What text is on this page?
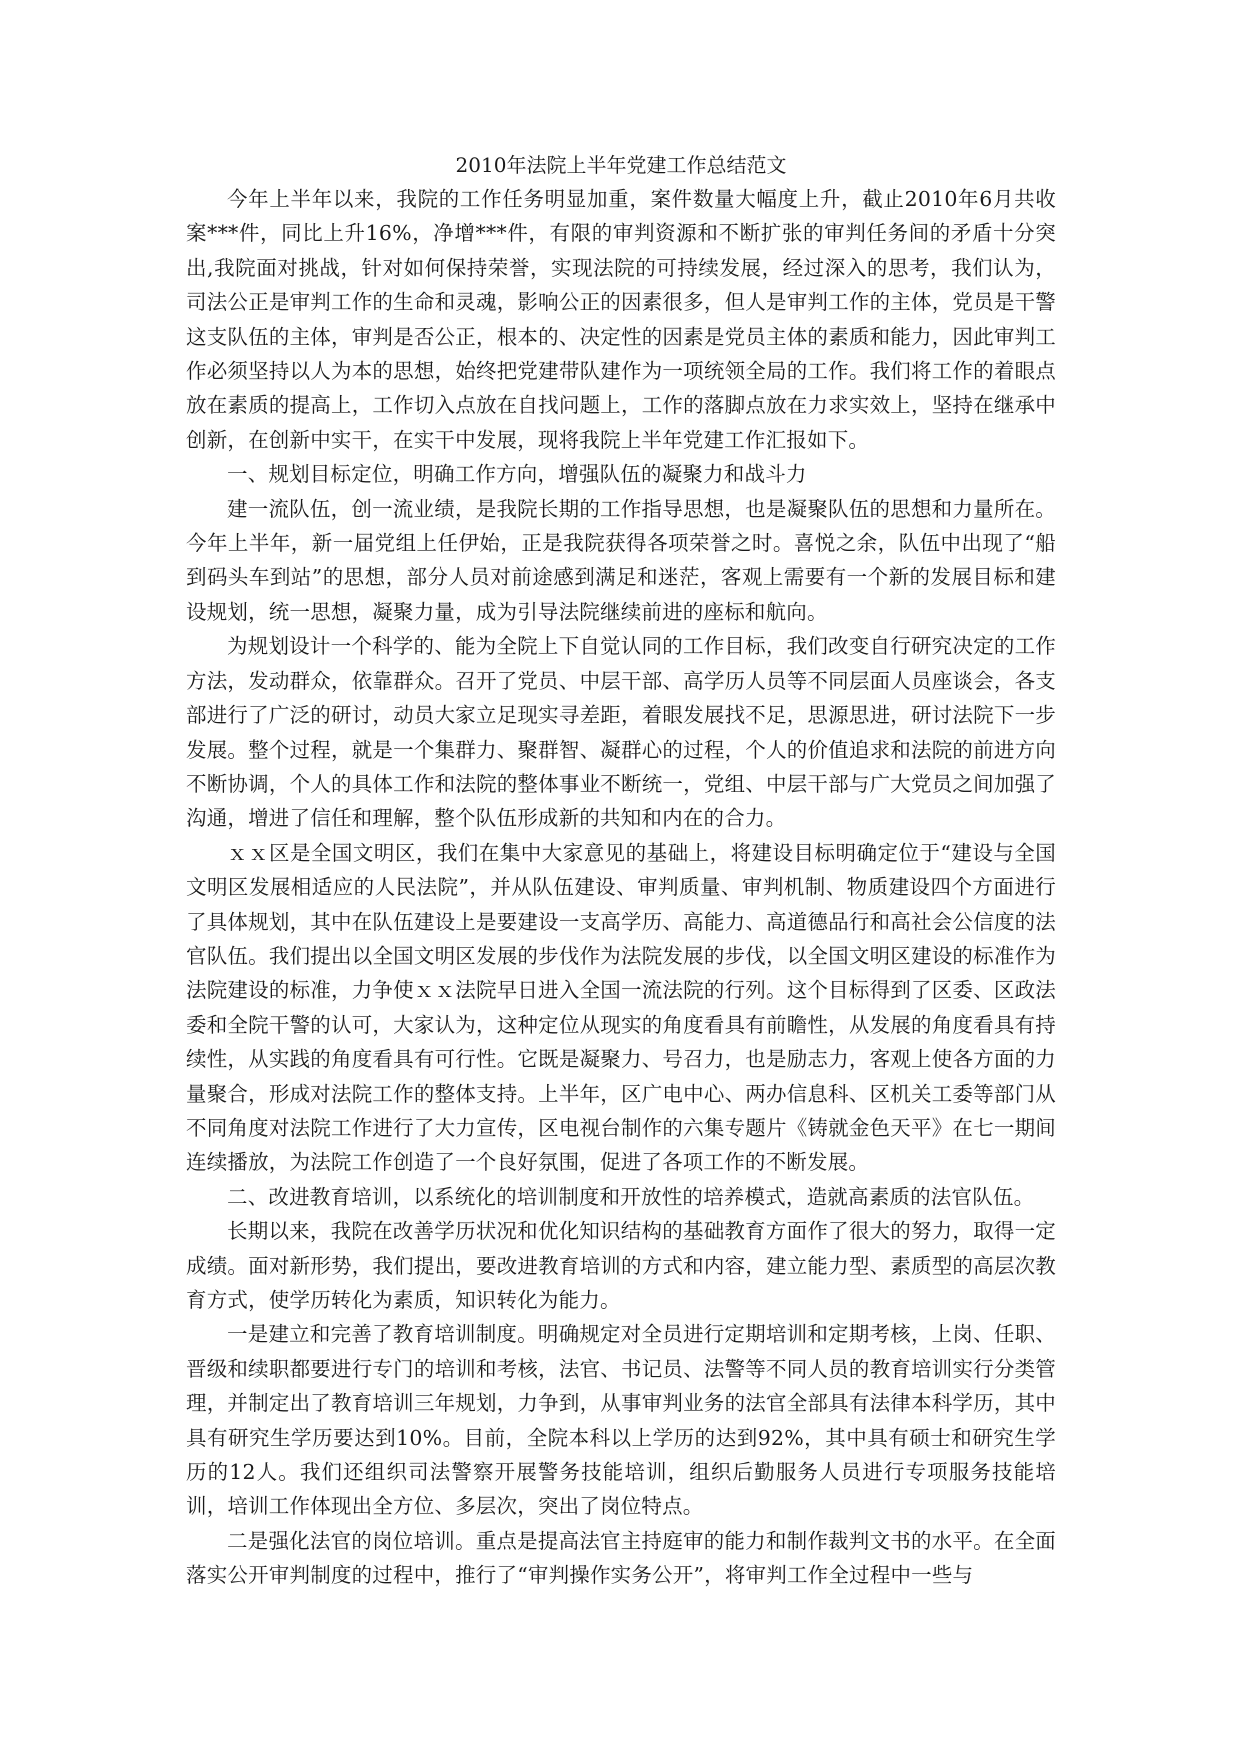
2010年法院上半年党建工作总结范文

今年上半年以来，我院的工作任务明显加重，案件数量大幅度上升，截止2010年6月共收案***件，同比上升16%，净增***件，有限的审判资源和不断扩张的审判任务间的矛盾十分突出,我院面对挑战，针对如何保持荣誉，实现法院的可持续发展，经过深入的思考，我们认为，司法公正是审判工作的生命和灵魂，影响公正的因素很多，但人是审判工作的主体，党员是干警这支队伍的主体，审判是否公正，根本的、决定性的因素是党员主体的素质和能力，因此审判工作必须坚持以人为本的思想，始终把党建带队建作为一项统领全局的工作。我们将工作的着眼点放在素质的提高上，工作切入点放在自找问题上，工作的落脚点放在力求实效上，坚持在继承中创新，在创新中实干，在实干中发展，现将我院上半年党建工作汇报如下。

一、规划目标定位，明确工作方向，增强队伍的凝聚力和战斗力

建一流队伍，创一流业绩，是我院长期的工作指导思想，也是凝聚队伍的思想和力量所在。今年上半年，新一届党组上任伊始，正是我院获得各项荣誉之时。喜悦之余，队伍中出现了“船到码头车到站”的思想，部分人员对前途感到满足和迷茫，客观上需要有一个新的发展目标和建设规划，统一思想，凝聚力量，成为引导法院继续前进的座标和航向。

为规划设计一个科学的、能为全院上下自觉认同的工作目标，我们改变自行研究决定的工作方法，发动群众，依靠群众。召开了党员、中层干部、高学历人员等不同层面人员座谈会，各支部进行了广泛的研讨，动员大家立足现实寻差距，着眼发展找不足，思源思进，研讨法院下一步发展。整个过程，就是一个集群力、聚群智、凝群心的过程，个人的价值追求和法院的前进方向不断协调，个人的具体工作和法院的整体事业不断统一，党组、中层干部与广大党员之间加强了沟通，增进了信任和理解，整个队伍形成新的共知和内在的合力。

ｘｘ区是全国文明区，我们在集中大家意见的基础上，将建设目标明确定位于“建设与全国文明区发展相适应的人民法院”，并从队伍建设、审判质量、审判机制、物质建设四个方面进行了具体规划，其中在队伍建设上是要建设一支高学历、高能力、高道德品行和高社会公信度的法官队伍。我们提出以全国文明区发展的步伐作为法院发展的步伐，以全国文明区建设的标准作为法院建设的标准，力争使ｘｘ法院早日进入全国一流法院的行列。这个目标得到了区委、区政法委和全院干警的认可，大家认为，这种定位从现实的角度看具有前瞻性，从发展的角度看具有持续性，从实践的角度看具有可行性。它既是凝聚力、号召力，也是励志力，客观上使各方面的力量聚合，形成对法院工作的整体支持。上半年，区广电中心、两办信息科、区机关工委等部门从不同角度对法院工作进行了大力宣传，区电视台制作的六集专题片《铸就金色天平》在七一期间连续播放，为法院工作创造了一个良好氛围，促进了各项工作的不断发展。

二、改进教育培训，以系统化的培训制度和开放性的培养模式，造就高素质的法官队伍。

长期以来，我院在改善学历状况和优化知识结构的基础教育方面作了很大的努力，取得一定成绩。面对新形势，我们提出，要改进教育培训的方式和内容，建立能力型、素质型的高层次教育方式，使学历转化为素质，知识转化为能力。

一是建立和完善了教育培训制度。明确规定对全员进行定期培训和定期考核，上岗、任职、晋级和续职都要进行专门的培训和考核，法官、书记员、法警等不同人员的教育培训实行分类管理，并制定出了教育培训三年规划，力争到，从事审判业务的法官全部具有法律本科学历，其中具有研究生学历要达到10%。目前，全院本科以上学历的达到92%，其中具有硕士和研究生学历的12人。我们还组织司法警察开展警务技能培训，组织后勤服务人员进行专项服务技能培训，培训工作体现出全方位、多层次，突出了岗位特点。

二是强化法官的岗位培训。重点是提高法官主持庭审的能力和制作裁判文书的水平。在全面落实公开审判制度的过程中，推行了“审判操作实务公开”，将审判工作全过程中一些与
